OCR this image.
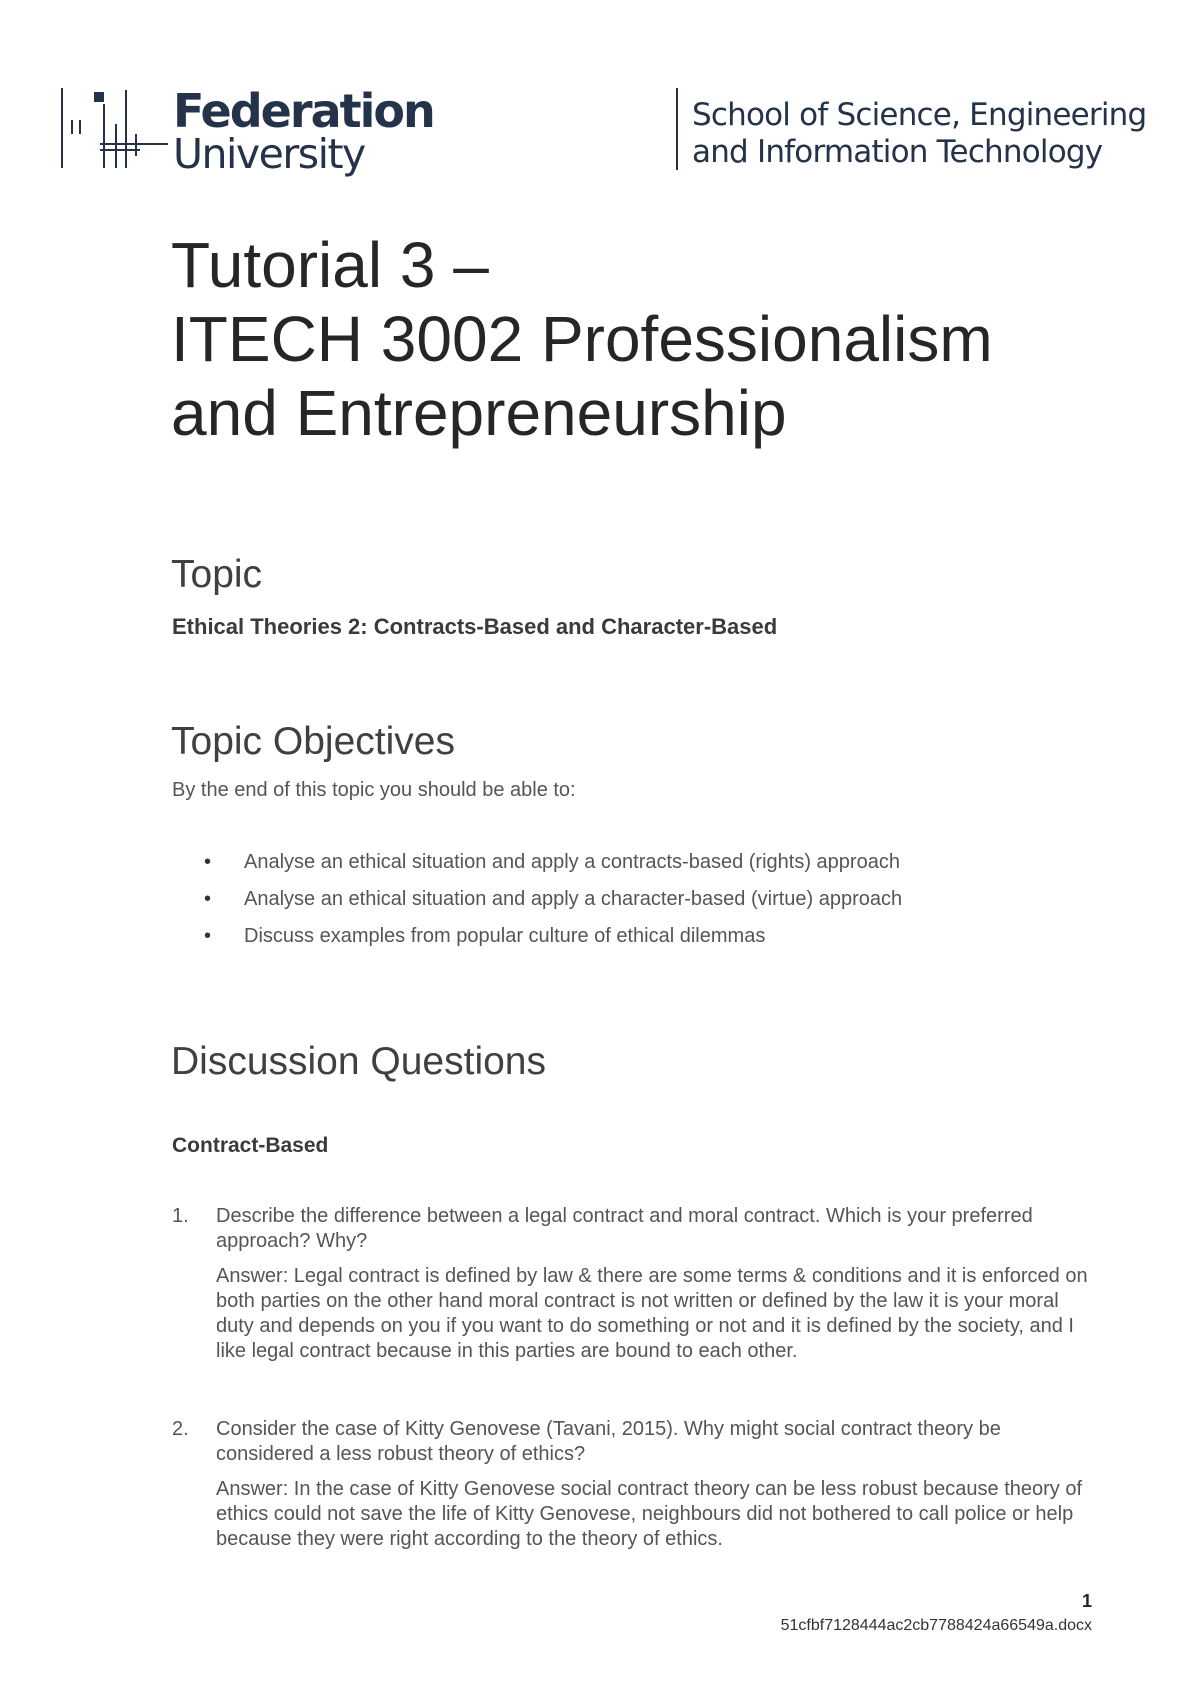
Federation
University
School of Science, Engineering
and Information Technology
Tutorial 3 –
ITECH 3002 Professionalism
and Entrepreneurship
Topic
Ethical Theories 2: Contracts-Based and Character-Based
Topic Objectives
By the end of this topic you should be able to:
• Analyse an ethical situation and apply a contracts-based (rights) approach
• Analyse an ethical situation and apply a character-based (virtue) approach
• Discuss examples from popular culture of ethical dilemmas
Discussion Questions
Contract-Based
1. Describe the difference between a legal contract and moral contract. Which is your preferred approach? Why?
Answer: Legal contract is defined by law & there are some terms & conditions and it is enforced on both parties on the other hand moral contract is not written or defined by the law it is your moral duty and depends on you if you want to do something or not and it is defined by the society, and I like legal contract because in this parties are bound to each other.
2. Consider the case of Kitty Genovese (Tavani, 2015). Why might social contract theory be considered a less robust theory of ethics?
Answer: In the case of Kitty Genovese social contract theory can be less robust because theory of ethics could not save the life of Kitty Genovese, neighbours did not bothered to call police or help because they were right according to the theory of ethics.
1
51cfbf7128444ac2cb7788424a66549a.docx
